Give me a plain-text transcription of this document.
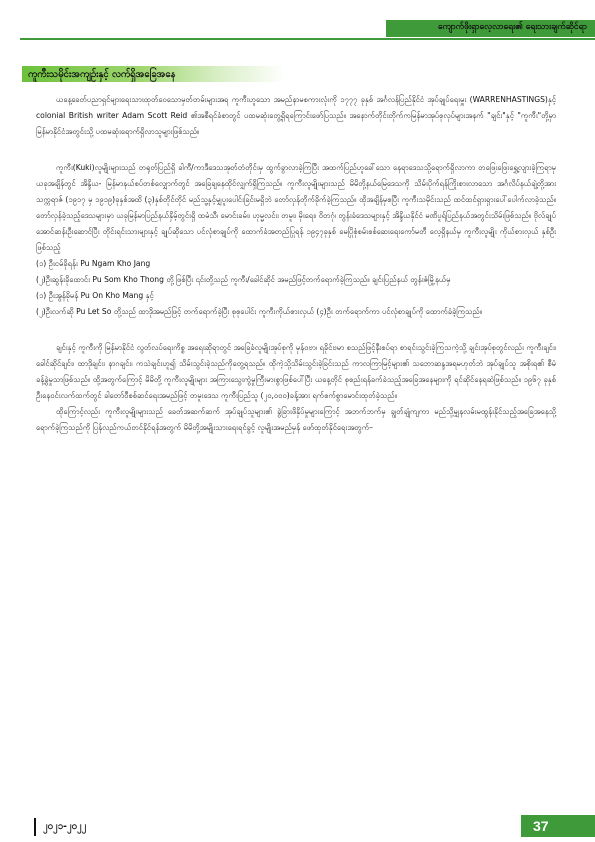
ကျောက်ဖိုးရှာလေ့လာရေး၏ ရေးသားချက်ဆိုင်ရာ
ကူကီးသမိုင်းအကျဉ်းနှင့် လက်ရှိအခြေအနေ

ယနေ့ခေတ်ပညာရှင်များရေးသားထုတ်ဝေသောမှတ်တမ်းများအရ ကူကီးဟူသော အမည်နာမစကားလုံးကို ၁၇၇၇ ခုနှစ် အင်္ဂလန်ပြည်နိုင်ငံ အုပ်ချုပ်ရေးမှူး (WARRENHASTINGS)နှင့် colonial British writer Adam Scott Reid ၏အစီရင်ခံစာတွင် ပထမဆုံးတွေ့ရှိရကြောင်းဖော်ပြသည်။ အနောက်တိုင်းတိုက်ကမြန်မာအုပ်စုလုပ်များအနက် "ချင်း"နှင့် "ကူကီး"တို့မှာ မြန်မာနိုင်ငံအတွင်းသို့ ပထမဆုံးရောက်ရှိလာသူများဖြစ်သည်။

ကူကီး(Kuki)လူမျိုးများသည် တရုတ်ပြည်ရှိ ခါကီ/ကာဒီဒေသအုတ်တံတိုင်းမှ ထွက်ခွာလာခဲ့ကြပြီး အထက်ပြည်ဟူခေါ်သော နေရာဒေသသို့ရောက်ရှိလာကာ တဖြေးဖြေးရွှေ့လျားခဲ့ကြရာမှ ယခုအချိန်တွင် အိန္ဒိယ- မြန်မာနယ်စပ်တစ်လျှောက်တွင် အခြေချနေထိုင်လျှက်ရှိကြသည်။ ကူကီးလူမျိုးများသည် မိမိတို့နယ်မြေဒေသကို သိမ်းပိုက်ရန်ကြိုးစားလာသော အင်္ဂလိပ်နယ်ချဲ့တို့အား သက္ကရာဇ် (၁၉၁၇ မှ ၁၉၁၉)ခုနှစ်အထိ (၃)နှစ်တိုင်တိုင် မည်သူ့နှင့်မျှပူးပေါင်းခြင်းမရှိဘဲ တော်လှန်တိုက်ခိုက်ခဲ့ကြသည်။ ထိုအချိန်မှစပြီး ကူကီးသမိုင်းသည် ထင်ထင်ရှားရှားပေါ်ပေါက်လာခဲ့သည်။ တော်လှန်ခဲ့သည့်ဒေသများမှာ ယခုမြန်မာပြည်နယ်နှိမ့်တွင်းရှိ ထမံသီ၊ မောင်းခမ်း၊ ဟုမ္မလင်း၊ တမူး၊ မိုးရေး၊ ဝိတဂုံ၊ တွန်းခံဒေသများနှင့် အိန္ဒိယနိုင်ငံ မဏိပူရ်ပြည်နယ်အတွင်းသိမ်းဖြစ်သည်။ ဗိုလ်ချုပ်အောင်ဆန်းဦးဆောင်ပြီး တိုင်းရင်းသားများနှင့် ချုပ်ဆိုသော ပင်လုံစာချုပ်ကို ထောက်ခံအတည်ပြုရန် ၁၉၄၇ခုနှစ် မေပြိုစုံစမ်းစစ်ဆေးရေးကော်မတီ လေ့ရှိနယ်မှ ကူကီးလူမျိုး ကိုယ်စားလှယ် နှစ်ဦးဖြစ်သည့်

(၁) ဦးငမ်ခိုရန်း Pu Ngam Kho Jang

(၂)ဦးဆွန်းခိုထောင်း Pu Som Kho Thong တို့ဖြစ်ပြီး ၎င်းတို့သည် ကူကီး/ခေါင်ဆိုင် အမည်ဖြင့်တက်ရောက်ခဲ့ကြသည်။ ချင်းပြည်နယ် တွန်းဇံမြို့နယ်မှ

(၁) ဦးအွန်ခိုမန် Pu On Kho Mang နှင့်

(၂)ဦးလက်ဆို Pu Let So တို့သည် ထာဒိုအမည်ဖြင့် တက်ရောက်ခဲ့ပြီး စုစုပေါင်း ကူကီးကိုယ်စားလှယ် (၄)ဦး တက်ရောက်ကာ ပင်လုံစာချုပ်ကို ထောက်ခံခဲ့ကြသည်။

ချင်းနှင့် ကူကီးကို မြန်မာနိုင်ငံ လွတ်လပ်ရေးကိစ္စ အရေးဆိုရာတွင် အခြေခံလူမျိုးအုပ်စုကို မှန်ဝဗာ၊ ရခိုင်ဗမာ စသည်ဖြင့်နီးစပ်ရာ စာရင်းသွင်းခဲ့ကြသကဲ့သို့ ချင်းအုပ်စုတွင်လည်း ကူကီးချင်း၊ ခေါင်ဆိုင်ချင်း၊ ထာဒိုချင်း၊ နာဂချင်း၊ ကသဲချင်းဟူ၍ သိမ်းသွင်းခဲ့သည်ကိုတွေ့ရသည်။ ထိုကဲ့သို့သိမ်းသွင်းခဲ့ခြင်းသည် ကာလကြာမြင့်များ၏ သဘောဆန္ဒအရမဟုတ်ဘဲ အုပ်ချုပ်သူ အစိုးရ၏ စီမံခန့်ခွဲမှုသာဖြစ်သည်။ ထို့အတွက်ကြောင့် မိမိတို့ ကူကီးလူမျိုးများ အကြားသွေးကွဲမှုကြီးမားစွာဖြစ်ပေါ်ပြီး ယနေ့တိုင် စုစည်းရန်ခက်ခဲသည့်အခြေအနေများကို ရင်ဆိုင်နေရဆဲဖြစ်သည်။ ၁၉၆၇ ခုနှစ် ဦးနေဝင်းလက်ထက်တွင် ခါတော်ဝီစစ်ဆင်ရေးအမည်ဖြင့် တမူးဒေသ ကူကီးပြည်သူ (၂၀,၀၀၀)ခန့်အား ရက်စက်စွာမောင်းထုတ်ခဲ့သည်။

ထိုကြောင့်လည်း ကူကီးလူမျိုးများသည် ခေတ်အဆက်ဆက် အုပ်ချုပ်သူများ၏ ခွဲခြားဖိနှိပ်မှုများကြောင့် အဘက်ဘက်မှ ချွတ်ချုံကျကာ မည်သို့မျှနလမ်းမထွန်းနိုင်သည့်အခြေအနေသို့ရောက်ခဲ့ကြသည်ကို ပြန်လည်ကယ်တင်နိုင်ရန်အတွက် မိမိတို့အမျိုးသားရေးရင်ခွင့် လူမျိုးအမည်မှန် ဖော်ထုတ်နိုင်ရေးအတွက်–

၂၀၂၁-၂၀၂၂	37
